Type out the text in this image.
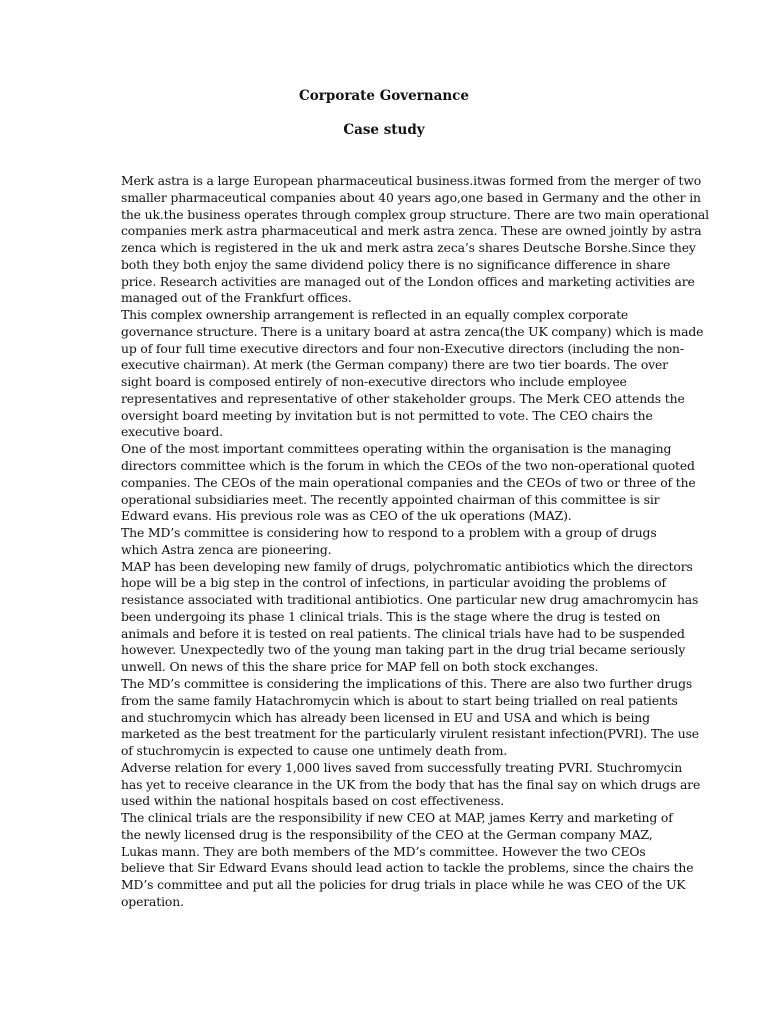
Corporate Governance
Case study
Merk astra is a large European pharmaceutical business.itwas formed from the merger of two
smaller pharmaceutical companies about 40 years ago,one based in Germany and the other in
the uk.the business operates through complex group structure. There are two main operational
companies merk astra pharmaceutical and merk astra zenca. These are owned jointly by astra
zenca which is registered in the uk and merk astra zeca’s shares Deutsche Borshe.Since they
both they both enjoy the same dividend policy there is no significance difference in share
price. Research activities are managed out of the London offices and marketing activities are
managed out of the Frankfurt offices.
This complex ownership arrangement is reflected in an equally complex corporate
governance structure. There is a unitary board at astra zenca(the UK company) which is made
up of four full time executive directors and four non-Executive directors (including the non-
executive chairman). At merk (the German company) there are two tier boards. The over
sight board is composed entirely of non-executive directors who include employee
representatives and representative of other stakeholder groups. The Merk CEO attends the
oversight board meeting by invitation but is not permitted to vote. The CEO chairs the
executive board.
One of the most important committees operating within the organisation is the managing
directors committee which is the forum in which the CEOs of the two non-operational quoted
companies. The CEOs of the main operational companies and the CEOs of two or three of the
operational subsidiaries meet. The recently appointed chairman of this committee is sir
Edward evans. His previous role was as CEO of the uk operations (MAZ).
The MD’s committee is considering how to respond to a problem with a group of drugs
which Astra zenca are pioneering.
MAP has been developing new family of drugs, polychromatic antibiotics which the directors
hope will be a big step in the control of infections, in particular avoiding the problems of
resistance associated with traditional antibiotics. One particular new drug amachromycin has
been undergoing its phase 1 clinical trials. This is the stage where the drug is tested on
animals and before it is tested on real patients. The clinical trials have had to be suspended
however. Unexpectedly two of the young man taking part in the drug trial became seriously
unwell. On news of this the share price for MAP fell on both stock exchanges.
The MD’s committee is considering the implications of this. There are also two further drugs
from the same family Hatachromycin which is about to start being trialled on real patients
and stuchromycin which has already been licensed in EU and USA and which is being
marketed as the best treatment for the particularly virulent resistant infection(PVRI). The use
of stuchromycin is expected to cause one untimely death from.
Adverse relation for every 1,000 lives saved from successfully treating PVRI. Stuchromycin
has yet to receive clearance in the UK from the body that has the final say on which drugs are
used within the national hospitals based on cost effectiveness.
The clinical trials are the responsibility if new CEO at MAP, james Kerry and marketing of
the newly licensed drug is the responsibility of the CEO at the German company MAZ,
Lukas mann. They are both members of the MD’s committee. However the two CEOs
believe that Sir Edward Evans should lead action to tackle the problems, since the chairs the
MD’s committee and put all the policies for drug trials in place while he was CEO of the UK
operation.
